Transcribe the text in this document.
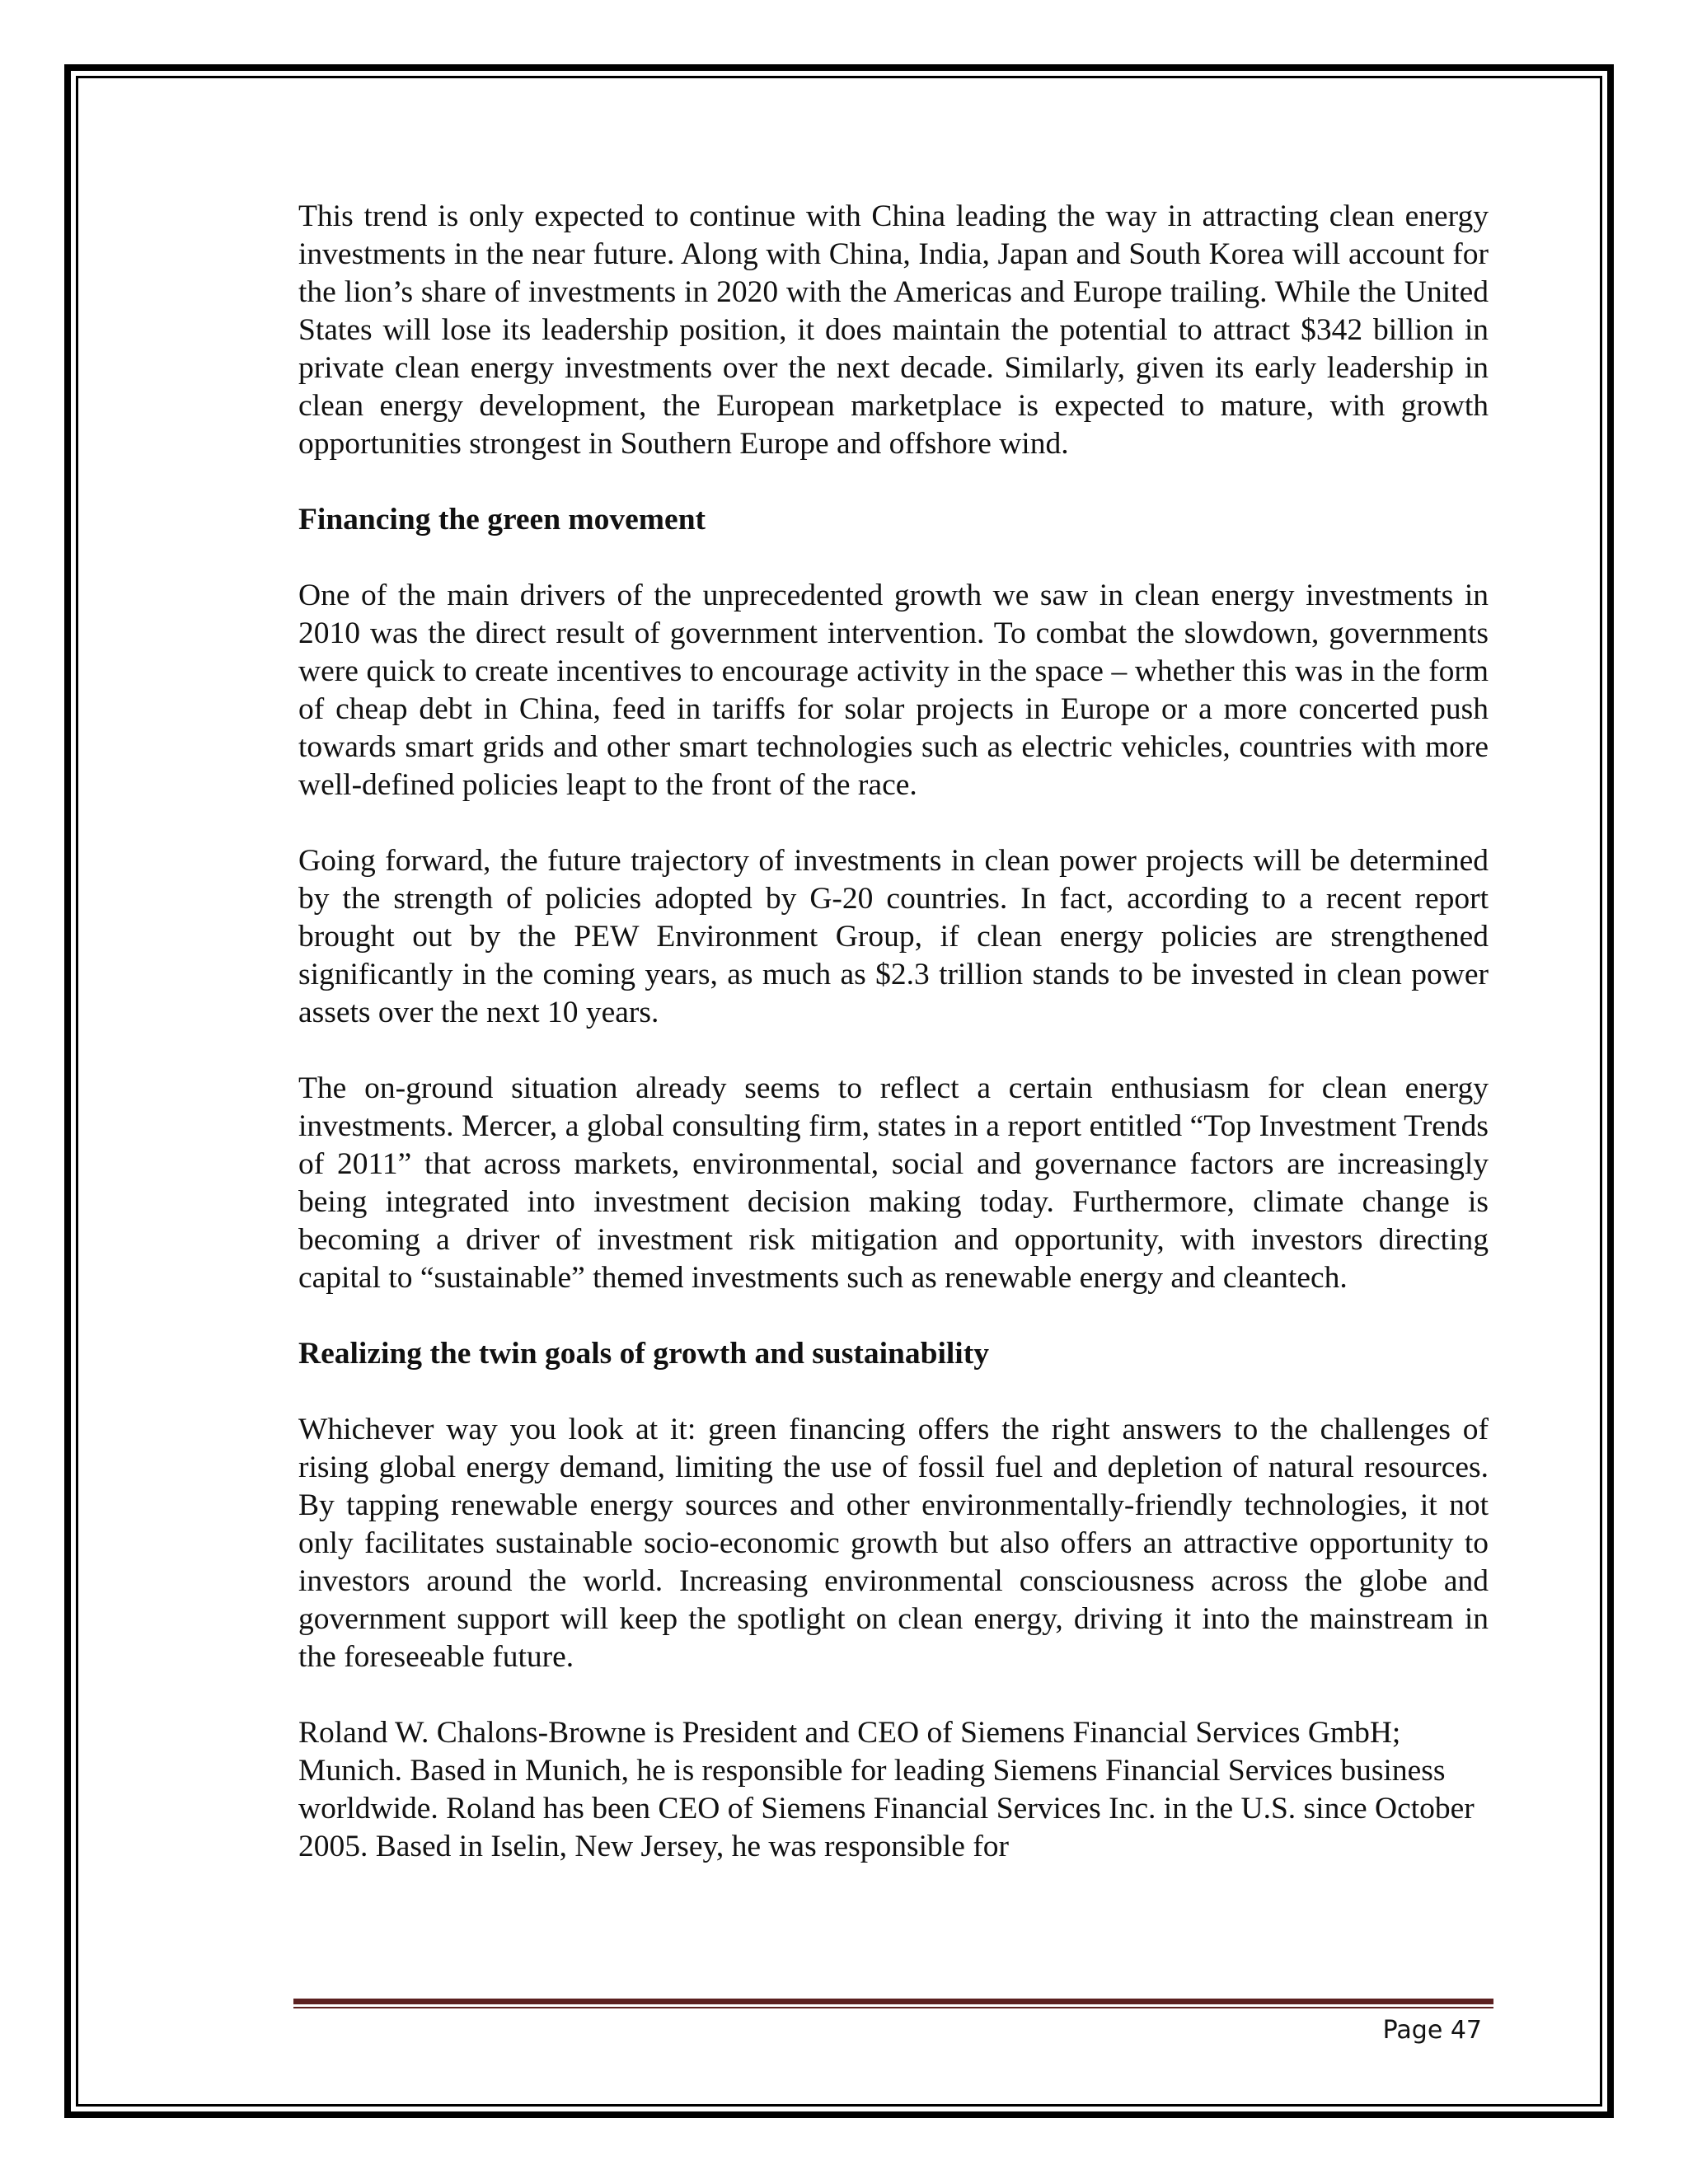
This trend is only expected to continue with China leading the way in attracting clean energy investments in the near future. Along with China, India, Japan and South Korea will account for the lion’s share of investments in 2020 with the Americas and Europe trailing. While the United States will lose its leadership position, it does maintain the potential to attract $342 billion in private clean energy investments over the next decade. Similarly, given its early leadership in clean energy development, the European marketplace is expected to mature, with growth opportunities strongest in Southern Europe and offshore wind.

Financing the green movement

One of the main drivers of the unprecedented growth we saw in clean energy investments in 2010 was the direct result of government intervention. To combat the slowdown, governments were quick to create incentives to encourage activity in the space – whether this was in the form of cheap debt in China, feed in tariffs for solar projects in Europe or a more concerted push towards smart grids and other smart technologies such as electric vehicles, countries with more well-defined policies leapt to the front of the race.

Going forward, the future trajectory of investments in clean power projects will be determined by the strength of policies adopted by G-20 countries. In fact, according to a recent report brought out by the PEW Environment Group, if clean energy policies are strengthened significantly in the coming years, as much as $2.3 trillion stands to be invested in clean power assets over the next 10 years.

The on-ground situation already seems to reflect a certain enthusiasm for clean energy investments. Mercer, a global consulting firm, states in a report entitled “Top Investment Trends of 2011” that across markets, environmental, social and governance factors are increasingly being integrated into investment decision making today. Furthermore, climate change is becoming a driver of investment risk mitigation and opportunity, with investors directing capital to “sustainable” themed investments such as renewable energy and cleantech.

Realizing the twin goals of growth and sustainability

Whichever way you look at it: green financing offers the right answers to the challenges of rising global energy demand, limiting the use of fossil fuel and depletion of natural resources. By tapping renewable energy sources and other environmentally-friendly technologies, it not only facilitates sustainable socio-economic growth but also offers an attractive opportunity to investors around the world. Increasing environmental consciousness across the globe and government support will keep the spotlight on clean energy, driving it into the mainstream in the foreseeable future.

Roland W. Chalons-Browne is President and CEO of Siemens Financial Services GmbH; Munich. Based in Munich, he is responsible for leading Siemens Financial Services business worldwide. Roland has been CEO of Siemens Financial Services Inc. in the U.S. since October 2005. Based in Iselin, New Jersey, he was responsible for

Page 47
